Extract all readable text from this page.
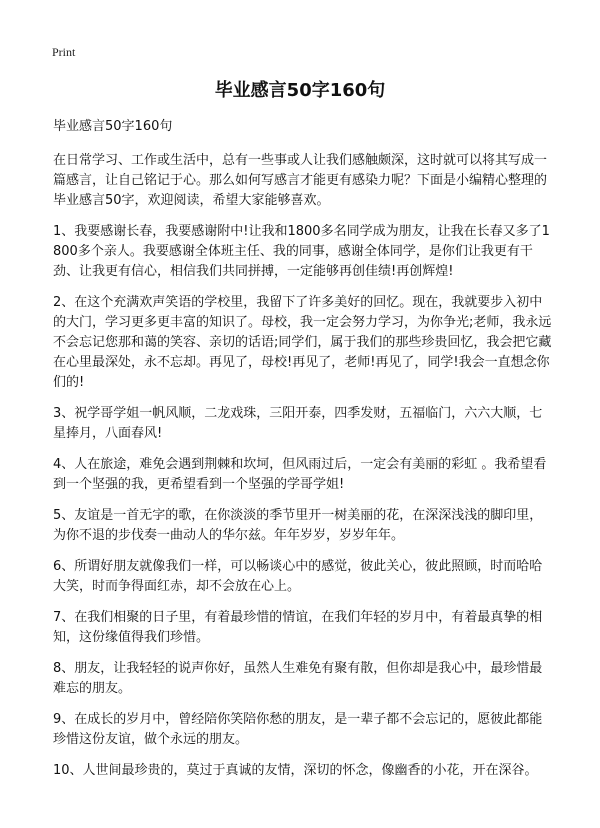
Print
毕业感言50字160句

毕业感言50字160句

在日常学习、工作或生活中，总有一些事或人让我们感触颇深，这时就可以将其写成一篇感言，让自己铭记于心。那么如何写感言才能更有感染力呢？下面是小编精心整理的毕业感言50字，欢迎阅读，希望大家能够喜欢。

1、我要感谢长春，我要感谢附中!让我和1800多名同学成为朋友，让我在长春又多了1800多个亲人。我要感谢全体班主任、我的同事，感谢全体同学，是你们让我更有干劲、让我更有信心，相信我们共同拼搏，一定能够再创佳绩!再创辉煌!

2、在这个充满欢声笑语的学校里，我留下了许多美好的回忆。现在，我就要步入初中的大门，学习更多更丰富的知识了。母校，我一定会努力学习，为你争光;老师，我永远不会忘记您那和蔼的笑容、亲切的话语;同学们，属于我们的那些珍贵回忆，我会把它藏在心里最深处，永不忘却。再见了，母校!再见了，老师!再见了，同学!我会一直想念你们的!

3、祝学哥学姐一帆风顺，二龙戏珠，三阳开泰，四季发财，五福临门，六六大顺，七星捧月，八面春风!

4、人在旅途，难免会遇到荆棘和坎坷，但风雨过后，一定会有美丽的彩虹 。我希望看到一个坚强的我，更希望看到一个坚强的学哥学姐!

5、友谊是一首无字的歌，在你淡淡的季节里开一树美丽的花，在深深浅浅的脚印里，为你不退的步伐奏一曲动人的华尔兹。年年岁岁，岁岁年年。

6、所谓好朋友就像我们一样，可以畅谈心中的感觉，彼此关心，彼此照顾，时而哈哈大笑，时而争得面红赤，却不会放在心上。

7、在我们相聚的日子里，有着最珍惜的情谊，在我们年轻的岁月中，有着最真挚的相知，这份缘值得我们珍惜。

8、朋友，让我轻轻的说声你好，虽然人生难免有聚有散，但你却是我心中，最珍惜最难忘的朋友。

9、在成长的岁月中，曾经陪你笑陪你愁的朋友，是一辈子都不会忘记的，愿彼此都能珍惜这份友谊，做个永远的朋友。

10、人世间最珍贵的，莫过于真诚的友情，深切的怀念，像幽香的小花，开在深谷。
